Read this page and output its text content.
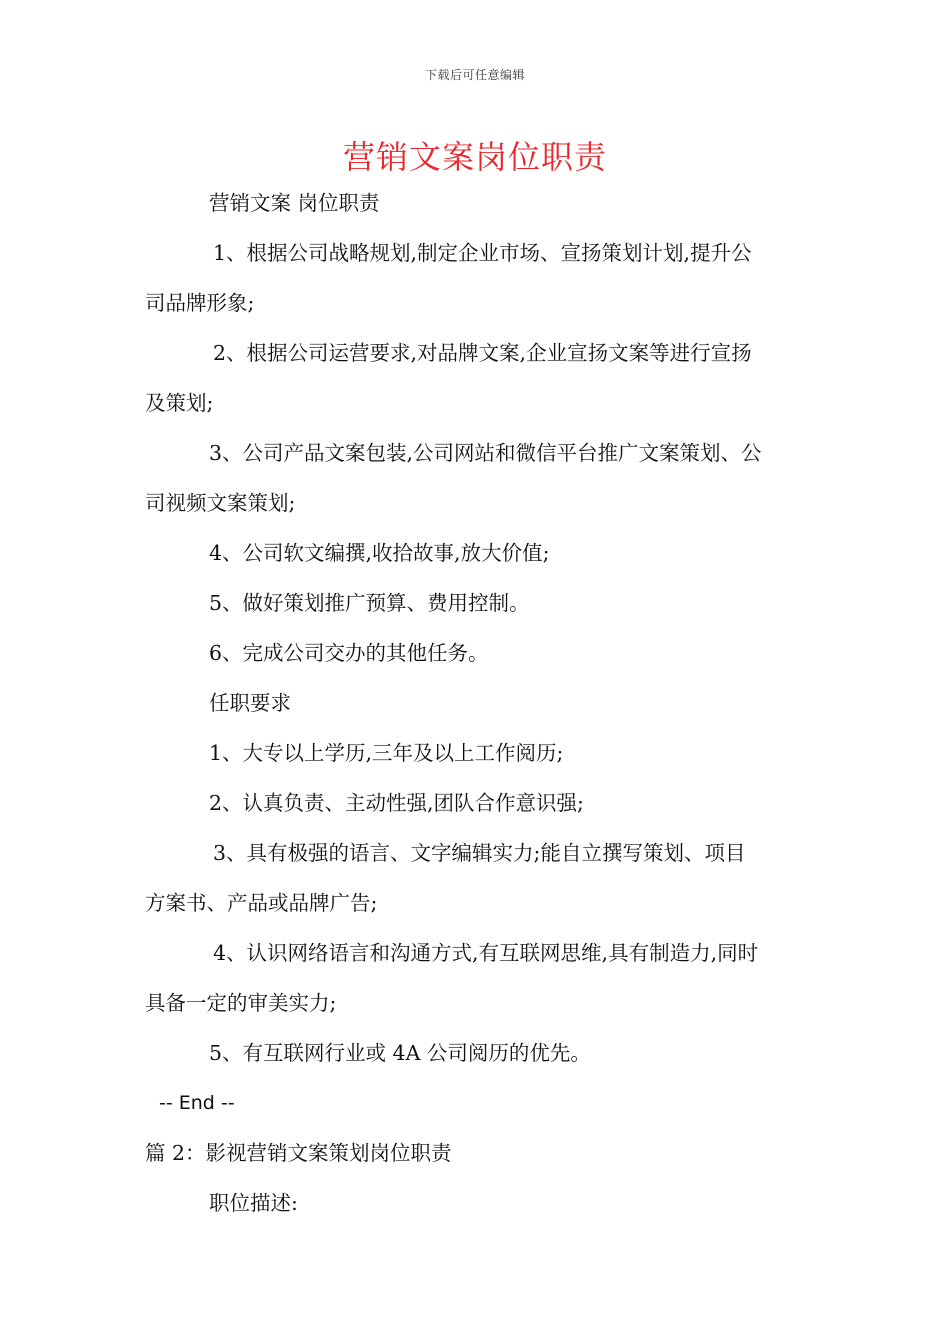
下载后可任意编辑
营销文案岗位职责
营销文案 岗位职责
1、根据公司战略规划,制定企业市场、宣扬策划计划,提升公
司品牌形象;
2、根据公司运营要求,对品牌文案,企业宣扬文案等进行宣扬
及策划;
3、公司产品文案包装,公司网站和微信平台推广文案策划、公
司视频文案策划;
4、公司软文编撰,收拾故事,放大价值;
5、做好策划推广预算、费用控制。
6、完成公司交办的其他任务。
任职要求
1、大专以上学历,三年及以上工作阅历;
2、认真负责、主动性强,团队合作意识强;
3、具有极强的语言、文字编辑实力;能自立撰写策划、项目
方案书、产品或品牌广告;
4、认识网络语言和沟通方式,有互联网思维,具有制造力,同时
具备一定的审美实力;
5、有互联网行业或 4A 公司阅历的优先。
-- End --
篇 2：影视营销文案策划岗位职责
职位描述:
